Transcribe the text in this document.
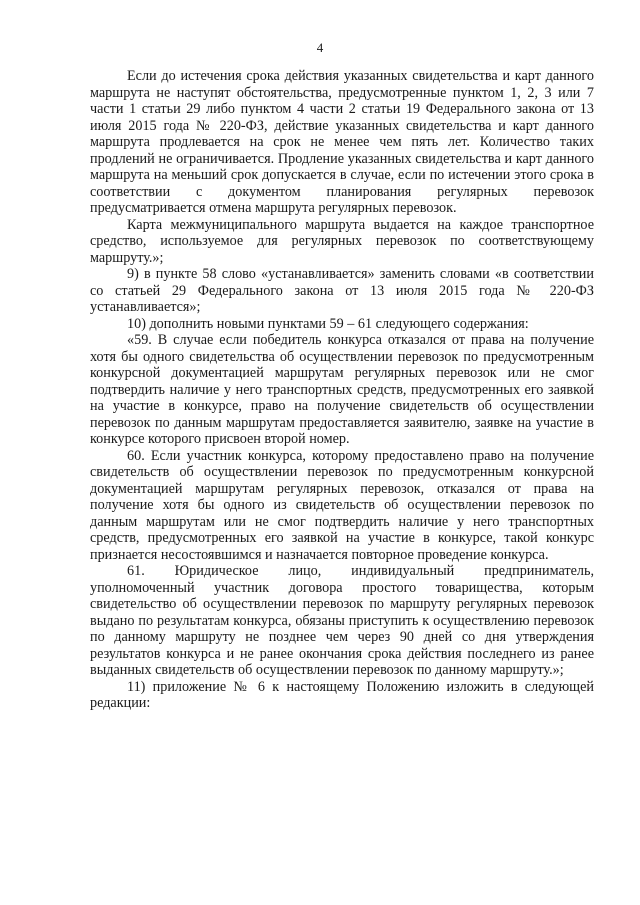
4

Если до истечения срока действия указанных свидетельства и карт данного маршрута не наступят обстоятельства, предусмотренные пунктом 1, 2, 3 или 7 части 1 статьи 29 либо пунктом 4 части 2 статьи 19 Федерального закона от 13 июля 2015 года № 220-ФЗ, действие указанных свидетельства и карт данного маршрута продлевается на срок не менее чем пять лет. Количество таких продлений не ограничивается. Продление указанных свидетельства и карт данного маршрута на меньший срок допускается в случае, если по истечении этого срока в соответствии с документом планирования регулярных перевозок предусматривается отмена маршрута регулярных перевозок.

Карта межмуниципального маршрута выдается на каждое транспортное средство, используемое для регулярных перевозок по соответствующему маршруту.»;

9) в пункте 58 слово «устанавливается» заменить словами «в соответствии со статьей 29 Федерального закона от 13 июля 2015 года № 220-ФЗ устанавливается»;

10) дополнить новыми пунктами 59 – 61 следующего содержания:

«59. В случае если победитель конкурса отказался от права на получение хотя бы одного свидетельства об осуществлении перевозок по предусмотренным конкурсной документацией маршрутам регулярных перевозок или не смог подтвердить наличие у него транспортных средств, предусмотренных его заявкой на участие в конкурсе, право на получение свидетельств об осуществлении перевозок по данным маршрутам предоставляется заявителю, заявке на участие в конкурсе которого присвоен второй номер.

60. Если участник конкурса, которому предоставлено право на получение свидетельств об осуществлении перевозок по предусмотренным конкурсной документацией маршрутам регулярных перевозок, отказался от права на получение хотя бы одного из свидетельств об осуществлении перевозок по данным маршрутам или не смог подтвердить наличие у него транспортных средств, предусмотренных его заявкой на участие в конкурсе, такой конкурс признается несостоявшимся и назначается повторное проведение конкурса.

61. Юридическое лицо, индивидуальный предприниматель, уполномоченный участник договора простого товарищества, которым свидетельство об осуществлении перевозок по маршруту регулярных перевозок выдано по результатам конкурса, обязаны приступить к осуществлению перевозок по данному маршруту не позднее чем через 90 дней со дня утверждения результатов конкурса и не ранее окончания срока действия последнего из ранее выданных свидетельств об осуществлении перевозок по данному маршруту.»;

11) приложение № 6 к настоящему Положению изложить в следующей редакции:
